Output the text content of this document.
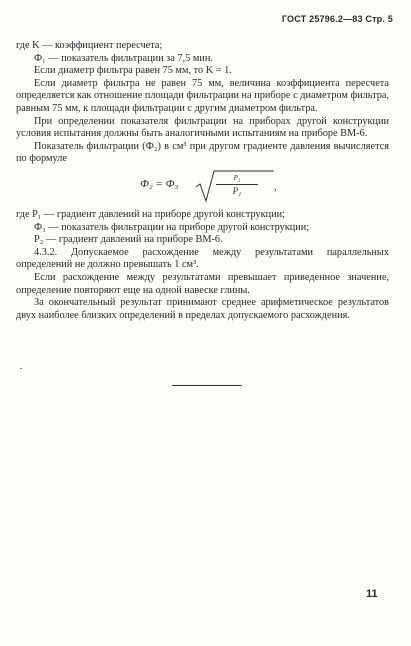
ГОСТ 25796.2—83 Стр. 5

где K — коэффициент пересчета;

Ф₁ — показатель фильтрации за 7,5 мин.

Если диаметр фильтра равен 75 мм, то K = 1.

Если диаметр фильтра не равен 75 мм, величина коэффициента пересчета определяется как отношение площади фильтрации на приборе с диаметром фильтра, равным 75 мм, к площади фильтрации с другим диаметром фильтра.

При определении показателя фильтрации на приборах другой конструкции условия испытания должны быть аналогичными испытаниям на приборе ВМ-6.

Показатель фильтрации (Ф₂) в см³ при другом градиенте давления вычисляется по формуле

Ф₂ = Ф₃	P₂
P₁	,

где P₁ — градиент давлений на приборе другой конструкции;

Ф₃ — показатель фильтрации на приборе другой конструкции;

P₂ — градиент давлений на приборе ВМ-6.

4.3.2. Допускаемое расхождение между результатами параллельных определений не должно превышать 1 см³.

Если расхождение между результатами превышает приведенное значение, определение повторяют еще на одной навеске глины.

За окончательный результат принимают среднее арифметическое результатов двух наиболее близких определений в пределах допускаемого расхождения.

11
